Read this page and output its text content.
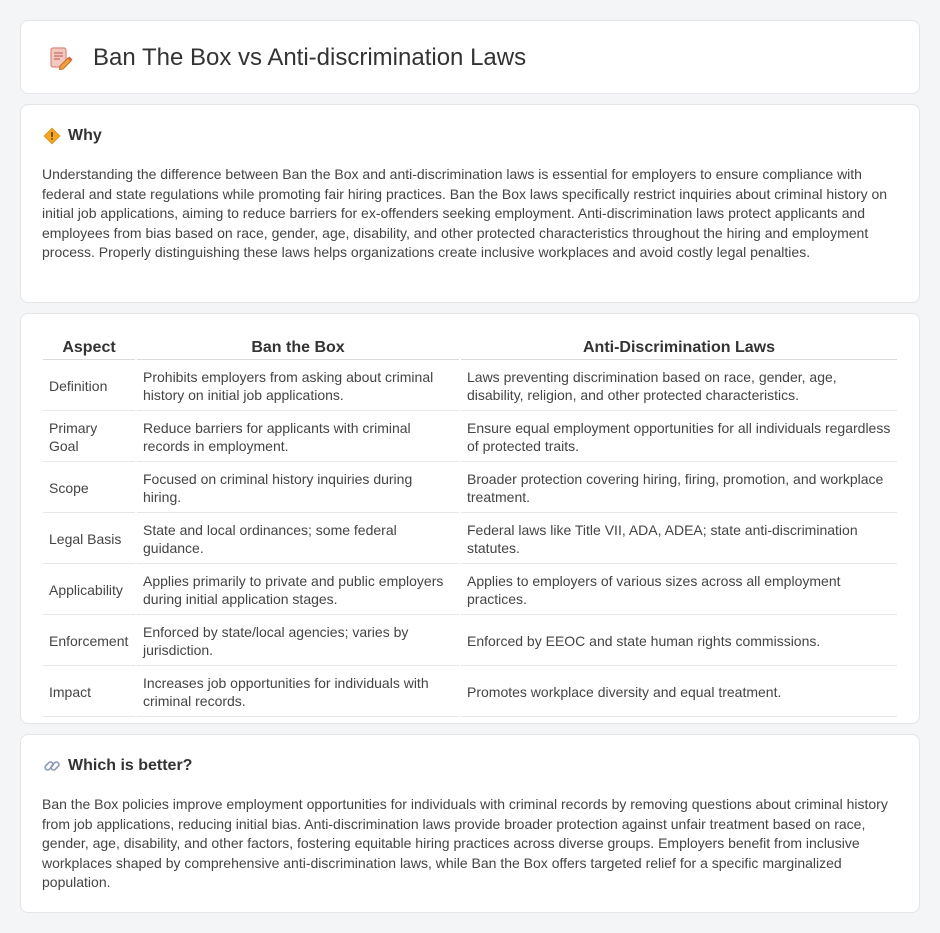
Ban The Box vs Anti-discrimination Laws
Why

Understanding the difference between Ban the Box and anti-discrimination laws is essential for employers to ensure compliance with federal and state regulations while promoting fair hiring practices. Ban the Box laws specifically restrict inquiries about criminal history on initial job applications, aiming to reduce barriers for ex-offenders seeking employment. Anti-discrimination laws protect applicants and employees from bias based on race, gender, age, disability, and other protected characteristics throughout the hiring and employment process. Properly distinguishing these laws helps organizations create inclusive workplaces and avoid costly legal penalties.

Aspect	Ban the Box	Anti-Discrimination Laws
Definition	Prohibits employers from asking about criminal history on initial job applications.	Laws preventing discrimination based on race, gender, age, disability, religion, and other protected characteristics.
Primary Goal	Reduce barriers for applicants with criminal records in employment.	Ensure equal employment opportunities for all individuals regardless of protected traits.
Scope	Focused on criminal history inquiries during hiring.	Broader protection covering hiring, firing, promotion, and workplace treatment.
Legal Basis	State and local ordinances; some federal guidance.	Federal laws like Title VII, ADA, ADEA; state anti-discrimination statutes.
Applicability	Applies primarily to private and public employers during initial application stages.	Applies to employers of various sizes across all employment practices.
Enforcement	Enforced by state/local agencies; varies by jurisdiction.	Enforced by EEOC and state human rights commissions.
Impact	Increases job opportunities for individuals with criminal records.	Promotes workplace diversity and equal treatment.
Which is better?

Ban the Box policies improve employment opportunities for individuals with criminal records by removing questions about criminal history from job applications, reducing initial bias. Anti-discrimination laws provide broader protection against unfair treatment based on race, gender, age, disability, and other factors, fostering equitable hiring practices across diverse groups. Employers benefit from inclusive workplaces shaped by comprehensive anti-discrimination laws, while Ban the Box offers targeted relief for a specific marginalized population.
